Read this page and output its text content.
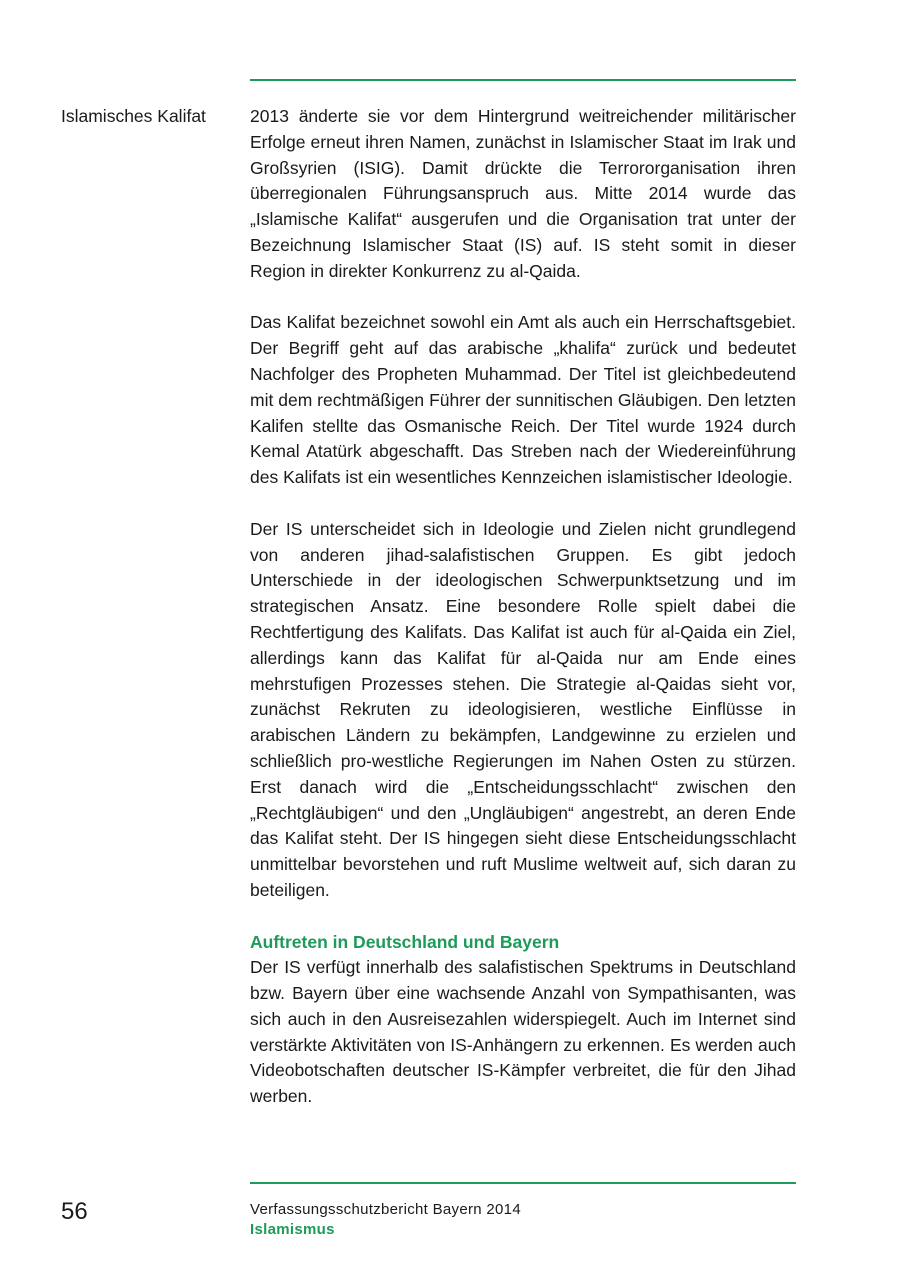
Islamisches Kalifat	2013 änderte sie vor dem Hintergrund weitreichender militärischer Erfolge erneut ihren Namen, zunächst in Islamischer Staat im Irak und Großsyrien (ISIG). Damit drückte die Terrororganisation ihren überregionalen Führungsanspruch aus. Mitte 2014 wurde das „Islamische Kalifat“ ausgerufen und die Organisation trat unter der Bezeichnung Islamischer Staat (IS) auf. IS steht somit in dieser Region in direkter Konkurrenz zu al-Qaida.

Das Kalifat bezeichnet sowohl ein Amt als auch ein Herrschaftsgebiet. Der Begriff geht auf das arabische „khalifa“ zurück und bedeutet Nachfolger des Propheten Muhammad. Der Titel ist gleichbedeutend mit dem rechtmäßigen Führer der sunnitischen Gläubigen. Den letzten Kalifen stellte das Osmanische Reich. Der Titel wurde 1924 durch Kemal Atatürk abgeschafft. Das Streben nach der Wiedereinführung des Kalifats ist ein wesentliches Kennzeichen islamistischer Ideologie.

Der IS unterscheidet sich in Ideologie und Zielen nicht grundlegend von anderen jihad-salafistischen Gruppen. Es gibt jedoch Unterschiede in der ideologischen Schwerpunktsetzung und im strategischen Ansatz. Eine besondere Rolle spielt dabei die Rechtfertigung des Kalifats. Das Kalifat ist auch für al-Qaida ein Ziel, allerdings kann das Kalifat für al-Qaida nur am Ende eines mehrstufigen Prozesses stehen. Die Strategie al-Qaidas sieht vor, zunächst Rekruten zu ideologisieren, westliche Einflüsse in arabischen Ländern zu bekämpfen, Landgewinne zu erzielen und schließlich pro-westliche Regierungen im Nahen Osten zu stürzen. Erst danach wird die „Entscheidungsschlacht“ zwischen den „Rechtgläubigen“ und den „Ungläubigen“ angestrebt, an deren Ende das Kalifat steht. Der IS hingegen sieht diese Entscheidungsschlacht unmittelbar bevorstehen und ruft Muslime weltweit auf, sich daran zu beteiligen.

Auftreten in Deutschland und Bayern

Der IS verfügt innerhalb des salafistischen Spektrums in Deutschland bzw. Bayern über eine wachsende Anzahl von Sympathisanten, was sich auch in den Ausreisezahlen widerspiegelt. Auch im Internet sind verstärkte Aktivitäten von IS-Anhängern zu erkennen. Es werden auch Videobotschaften deutscher IS-Kämpfer verbreitet, die für den Jihad werben.

56	Verfassungsschutzbericht Bayern 2014
Islamismus
